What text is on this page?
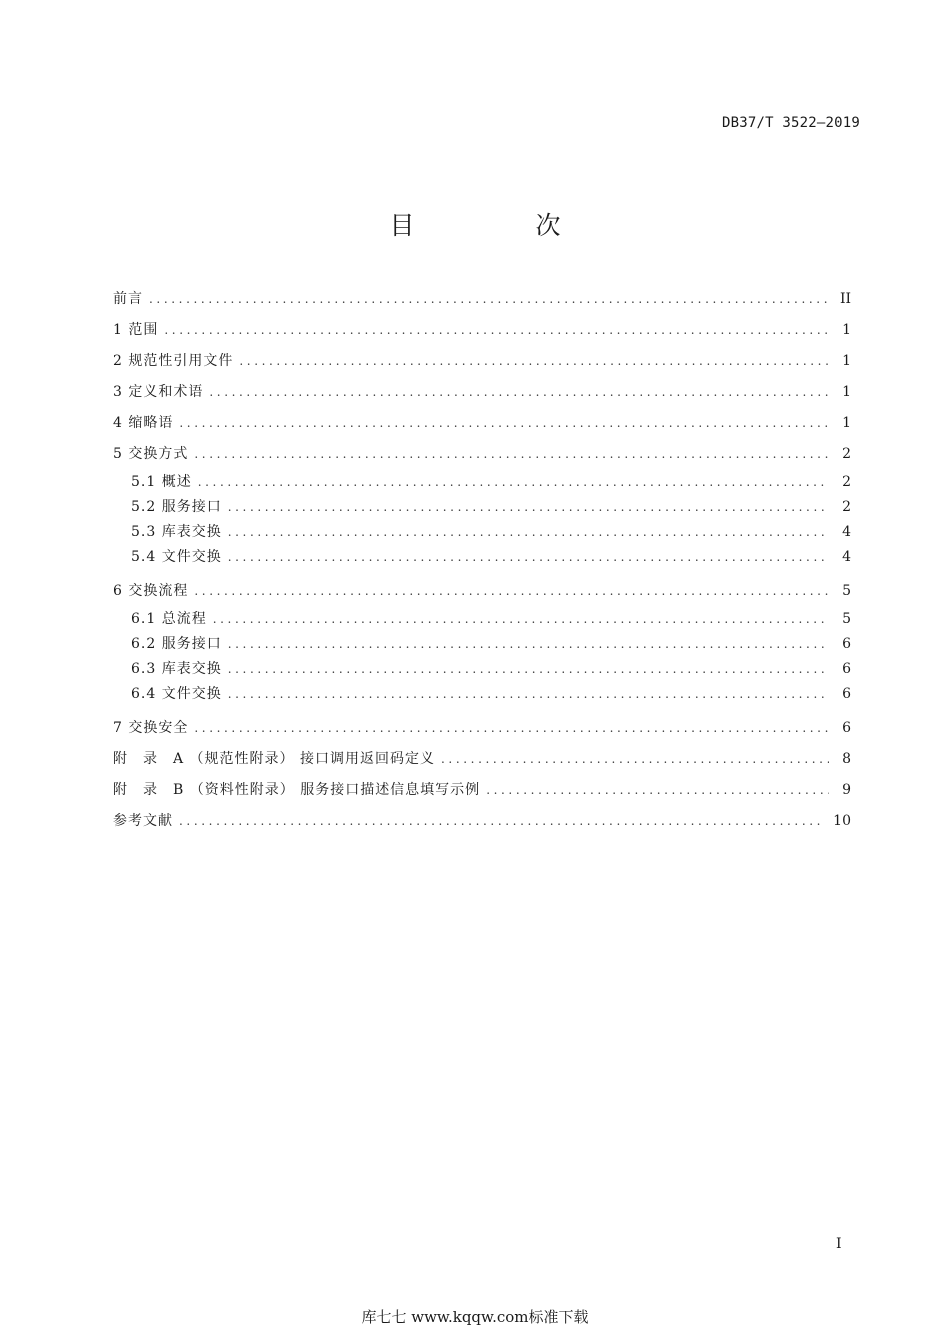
DB37/T 3522—2019
目　次
前言 .....	II
1 范围 .....	1
2 规范性引用文件 .....	1
3 定义和术语 .....	1
4 缩略语 .....	1
5 交换方式 .....	2
5.1 概述 .....	2
5.2 服务接口 .....	2
5.3 库表交换 .....	4
5.4 文件交换 .....	4
6 交换流程 .....	5
6.1 总流程 .....	5
6.2 服务接口 .....	6
6.3 库表交换 .....	6
6.4 文件交换 .....	6
7 交换安全 .....	6
附　录　A （规范性附录） 接口调用返回码定义 .....	8
附　录　B （资料性附录） 服务接口描述信息填写示例 .....	9
参考文献 .....	10
I
库七七 www.kqqw.com标准下载
